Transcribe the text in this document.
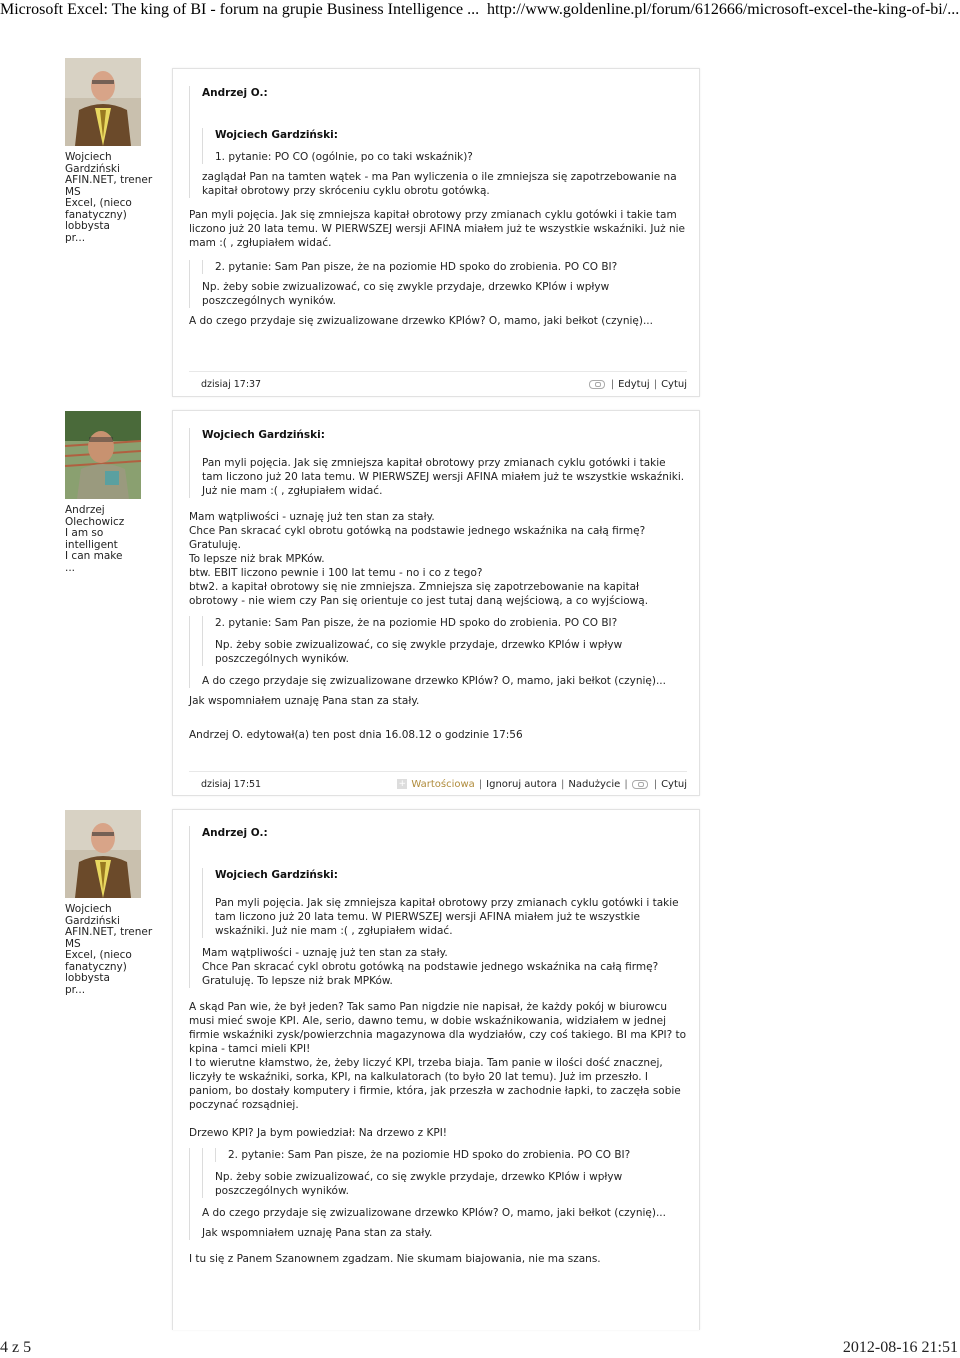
Microsoft Excel: The king of BI - forum na grupie Business Intelligence ... http://www.goldenline.pl/forum/612666/microsoft-excel-the-king-of-bi/...
Wojciech
Gardziński
AFIN.NET, trener
MS
Excel, (nieco
fanatyczny)
lobbysta
pr...
Andrzej O.:
Wojciech Gardziński:

1. pytanie: PO CO (ogólnie, po co taki wskaźnik)?

zaglądał Pan na tamten wątek - ma Pan wyliczenia o ile zmniejsza się zapotrzebowanie na kapitał obrotowy przy skróceniu cyklu obrotu gotówką.

Pan myli pojęcia. Jak się zmniejsza kapitał obrotowy przy zmianach cyklu gotówki i takie tam liczono już 20 lata temu. W PIERWSZEJ wersji AFINA miałem już te wszystkie wskaźniki. Już nie mam :( , zgłupiałem widać.

2. pytanie: Sam Pan pisze, że na poziomie HD spoko do zrobienia. PO CO BI?

Np. żeby sobie zwizualizować, co się zwykle przydaje, drzewko KPIów i wpływ poszczególnych wyników.

A do czego przydaje się zwizualizowane drzewko KPIów? O, mamo, jaki bełkot (czynię)...

dzisiaj 17:37	| Edytuj | Cytuj
Andrzej
Olechowicz
I am so
intelligent
I can make
...
Wojciech Gardziński:

Pan myli pojęcia. Jak się zmniejsza kapitał obrotowy przy zmianach cyklu gotówki i takie tam liczono już 20 lata temu. W PIERWSZEJ wersji AFINA miałem już te wszystkie wskaźniki. Już nie mam :( , zgłupiałem widać.

Mam wątpliwości - uznaję już ten stan za stały.

Chce Pan skracać cykl obrotu gotówką na podstawie jednego wskaźnika na całą firmę? Gratuluję.

To lepsze niż brak MPKów.

btw. EBIT liczono pewnie i 100 lat temu - no i co z tego?

btw2. a kapitał obrotowy się nie zmniejsza. Zmniejsza się zapotrzebowanie na kapitał obrotowy - nie wiem czy Pan się orientuje co jest tutaj daną wejściową, a co wyjściową.

2. pytanie: Sam Pan pisze, że na poziomie HD spoko do zrobienia. PO CO BI?

Np. żeby sobie zwizualizować, co się zwykle przydaje, drzewko KPIów i wpływ poszczególnych wyników.

A do czego przydaje się zwizualizowane drzewko KPIów? O, mamo, jaki bełkot (czynię)...

Jak wspomniałem uznaję Pana stan za stały.

Andrzej O. edytował(a) ten post dnia 16.08.12 o godzinie 17:56

dzisiaj 17:51	+ Wartościowa | Ignoruj autora | Nadużycie |	| Cytuj
Wojciech
Gardziński
AFIN.NET, trener
MS
Excel, (nieco
fanatyczny)
lobbysta
pr...
Andrzej O.:
Wojciech Gardziński:

Pan myli pojęcia. Jak się zmniejsza kapitał obrotowy przy zmianach cyklu gotówki i takie tam liczono już 20 lata temu. W PIERWSZEJ wersji AFINA miałem już te wszystkie wskaźniki. Już nie mam :( , zgłupiałem widać.

Mam wątpliwości - uznaję już ten stan za stały.

Chce Pan skracać cykl obrotu gotówką na podstawie jednego wskaźnika na całą firmę? Gratuluję. To lepsze niż brak MPKów.

A skąd Pan wie, że był jeden? Tak samo Pan nigdzie nie napisał, że każdy pokój w biurowcu musi mieć swoje KPI. Ale, serio, dawno temu, w dobie wskaźnikowania, widziałem w jednej firmie wskaźniki zysk/powierzchnia magazynowa dla wydziałów, czy coś takiego. BI ma KPI? to kpina - tamci mieli KPI!

I to wierutne kłamstwo, że, żeby liczyć KPI, trzeba biaja. Tam panie w ilości dość znacznej, liczyły te wskaźniki, sorka, KPI, na kalkulatorach (to było 20 lat temu). Już im przeszło. I paniom, bo dostały komputery i firmie, która, jak przeszła w zachodnie łapki, to zaczęła sobie poczynać rozsądniej.

Drzewo KPI? Ja bym powiedział: Na drzewo z KPI!

2. pytanie: Sam Pan pisze, że na poziomie HD spoko do zrobienia. PO CO BI?

Np. żeby sobie zwizualizować, co się zwykle przydaje, drzewko KPIów i wpływ poszczególnych wyników.

A do czego przydaje się zwizualizowane drzewko KPIów? O, mamo, jaki bełkot (czynię)...

Jak wspomniałem uznaję Pana stan za stały.

I tu się z Panem Szanownem zgadzam. Nie skumam biajowania, nie ma szans.

4 z 5	2012-08-16 21:51
